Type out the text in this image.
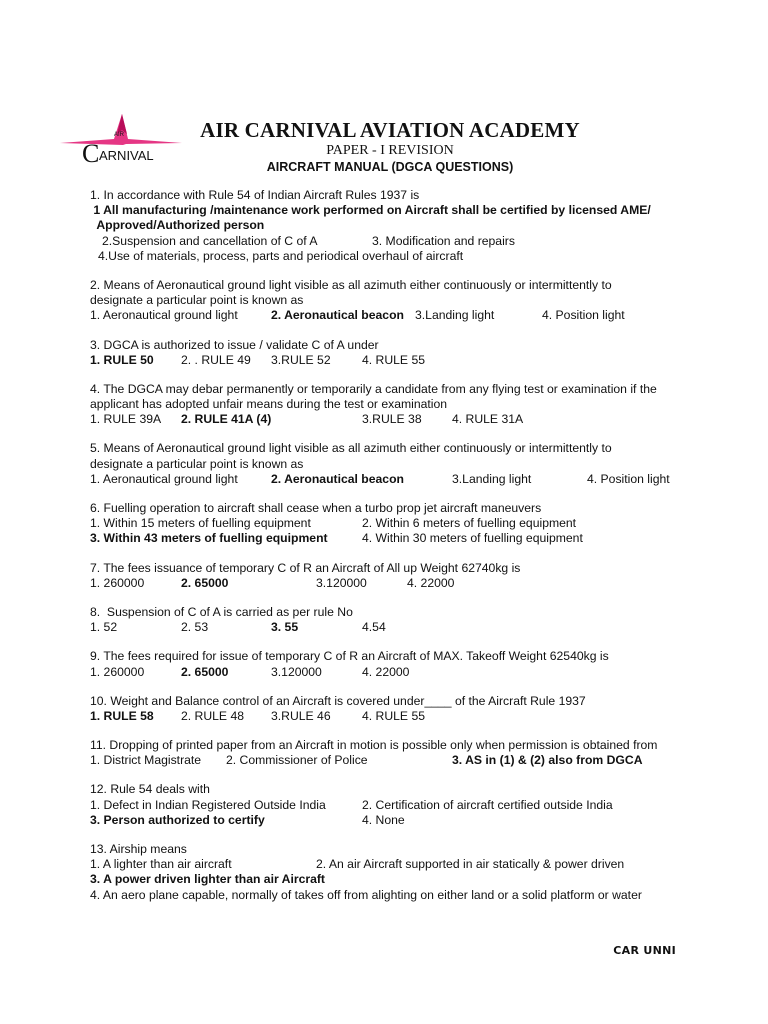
AIR
C ARNIVAL
AIR CARNIVAL AVIATION ACADEMY
PAPER - I REVISION
AIRCRAFT MANUAL (DGCA QUESTIONS)
1. In accordance with Rule 54 of Indian Aircraft Rules 1937 is
1 All manufacturing /maintenance work performed on Aircraft shall be certified by licensed AME/
Approved/Authorized person
2.Suspension and cancellation of C of A	3. Modification and repairs
4.Use of materials, process, parts and periodical overhaul of aircraft
2. Means of Aeronautical ground light visible as all azimuth either continuously or intermittently to
designate a particular point is known as
1. Aeronautical ground light	2. Aeronautical beacon 3.Landing light	4. Position light
3. DGCA is authorized to issue / validate C of A under
1. RULE 50 2. . RULE 49 3.RULE 52	4. RULE 55
4. The DGCA may debar permanently or temporarily a candidate from any flying test or examination if the
applicant has adopted unfair means during the test or examination
1. RULE 39A 2. RULE 41A (4)	3.RULE 38 4. RULE 31A
5. Means of Aeronautical ground light visible as all azimuth either continuously or intermittently to
designate a particular point is known as
1. Aeronautical ground light	2. Aeronautical beacon	3.Landing light	4. Position light
6. Fuelling operation to aircraft shall cease when a turbo prop jet aircraft maneuvers
1. Within 15 meters of fuelling equipment	2. Within 6 meters of fuelling equipment
3. Within 43 meters of fuelling equipment	4. Within 30 meters of fuelling equipment
7. The fees issuance of temporary C of R an Aircraft of All up Weight 62740kg is
1. 260000	2. 65000	3.120000	4. 22000
8.  Suspension of C of A is carried as per rule No
1. 52	2. 53	3. 55	4.54
9. The fees required for issue of temporary C of R an Aircraft of MAX. Takeoff Weight 62540kg is
1. 260000	2. 65000	3.120000	4. 22000
10. Weight and Balance control of an Aircraft is covered under____ of the Aircraft Rule 1937
1. RULE 58 2. RULE 48 3.RULE 46	4. RULE 55
11. Dropping of printed paper from an Aircraft in motion is possible only when permission is obtained from
1. District Magistrate 2. Commissioner of Police	3. AS in (1) & (2) also from DGCA
12. Rule 54 deals with
1. Defect in Indian Registered Outside India	2. Certification of aircraft certified outside India
3. Person authorized to certify	4. None
13. Airship means
1. A lighter than air aircraft	2. An air Aircraft supported in air statically & power driven
3. A power driven lighter than air Aircraft
4. An aero plane capable, normally of takes off from alighting on either land or a solid platform or water
CAR UNNI
